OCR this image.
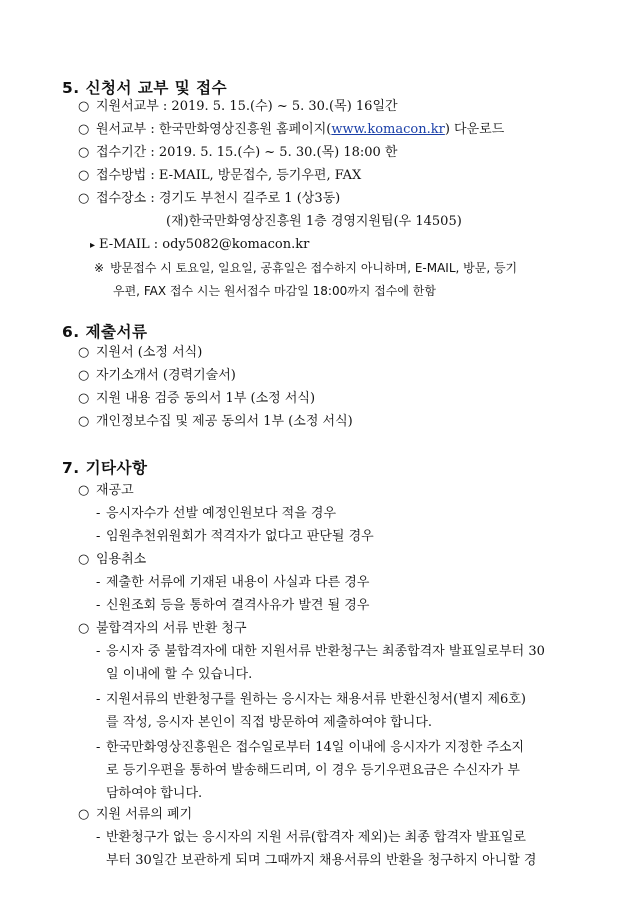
5. 신청서 교부 및 접수
○ 지원서교부 : 2019. 5. 15.(수) ~ 5. 30.(목) 16일간
○ 원서교부 : 한국만화영상진흥원 홈페이지(www.komacon.kr) 다운로드
○ 접수기간 : 2019. 5. 15.(수) ~ 5. 30.(목) 18:00 한
○ 접수방법 : E-MAIL, 방문접수, 등기우편, FAX
○ 접수장소 : 경기도 부천시 길주로 1 (상3동)
(재)한국만화영상진흥원 1층 경영지원팀(우 14505)
▸ E-MAIL : ody5082@komacon.kr
※ 방문접수 시 토요일, 일요일, 공휴일은 접수하지 아니하며, E-MAIL, 방문, 등기
우편, FAX 접수 시는 원서접수 마감일 18:00까지 접수에 한함
6. 제출서류
○ 지원서 (소정 서식)
○ 자기소개서 (경력기술서)
○ 지원 내용 검증 동의서 1부 (소정 서식)
○ 개인정보수집 및 제공 동의서 1부 (소정 서식)
7. 기타사항
○ 재공고
- 응시자수가 선발 예정인원보다 적을 경우
- 임원추천위원회가 적격자가 없다고 판단될 경우
○ 임용취소
- 제출한 서류에 기재된 내용이 사실과 다른 경우
- 신원조회 등을 통하여 결격사유가 발견 될 경우
○ 불합격자의 서류 반환 청구
- 응시자 중 불합격자에 대한 지원서류 반환청구는 최종합격자 발표일로부터 30
일 이내에 할 수 있습니다.
- 지원서류의 반환청구를 원하는 응시자는 채용서류 반환신청서(별지 제6호)
를 작성, 응시자 본인이 직접 방문하여 제출하여야 합니다.
- 한국만화영상진흥원은 접수일로부터 14일 이내에 응시자가 지정한 주소지
로 등기우편을 통하여 발송해드리며, 이 경우 등기우편요금은 수신자가 부
담하여야 합니다.
○ 지원 서류의 폐기
- 반환청구가 없는 응시자의 지원 서류(합격자 제외)는 최종 합격자 발표일로
부터 30일간 보관하게 되며 그때까지 채용서류의 반환을 청구하지 아니할 경
